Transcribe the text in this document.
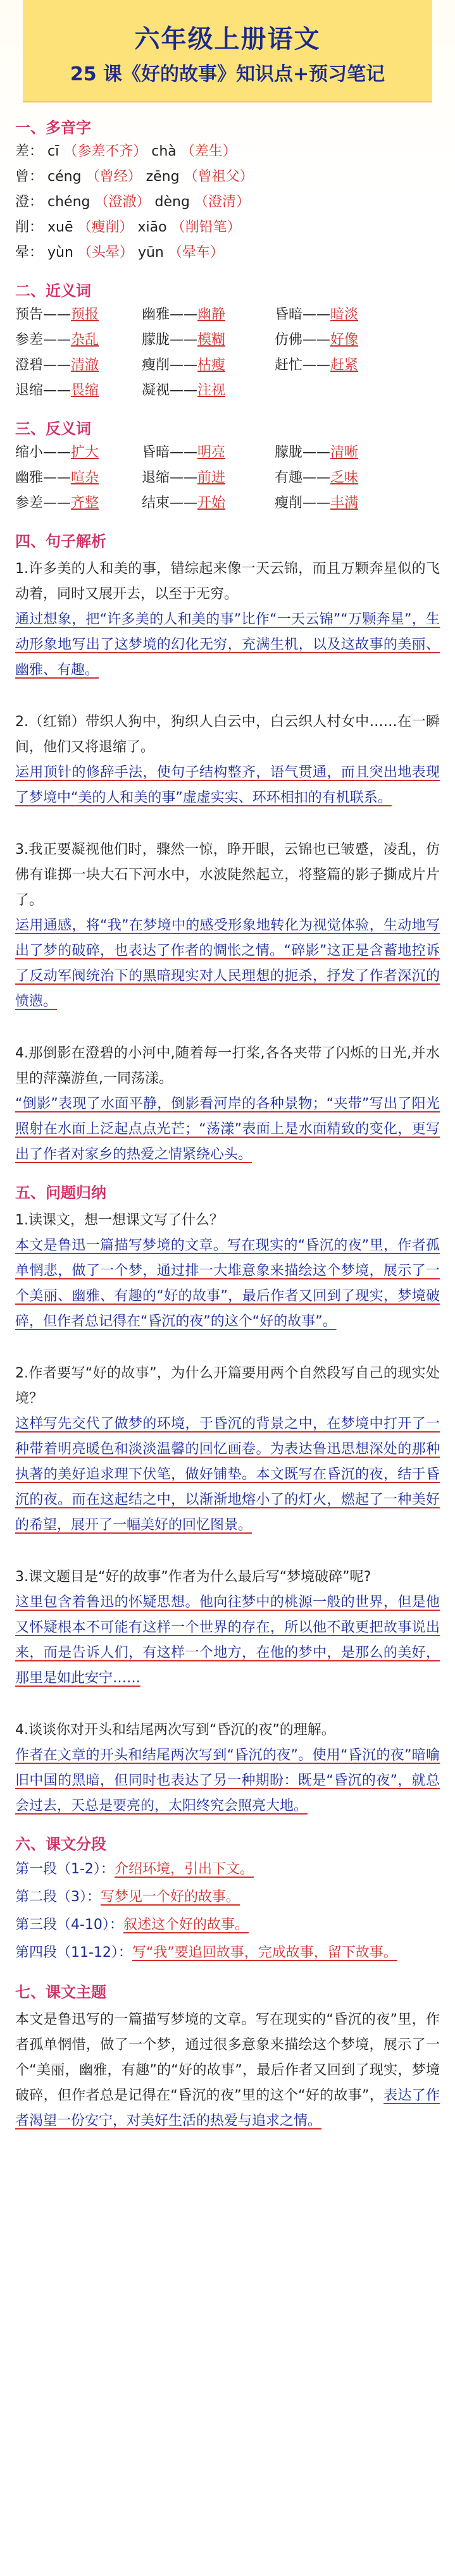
六年级上册语文
25 课《好的故事》知识点+预习笔记
一、多音字
差： cī （参差不齐） chà （差生）
曾： céng （曾经） zēng （曾祖父）
澄： chéng （澄澈） dèng （澄清）
削： xuē （瘦削） xiāo （削铅笔）
晕： yùn （头晕） yūn （晕车）
二、近义词
预告——预报	幽雅——幽静	昏暗——暗淡
参差——杂乱	朦胧——模糊	仿佛——好像
澄碧——清澈	瘦削——枯瘦	赶忙——赶紧
退缩——畏缩	凝视——注视
三、反义词
缩小——扩大	昏暗——明亮	朦胧——清晰
幽雅——喧杂	退缩——前进	有趣——乏味
参差——齐整	结束——开始	瘦削——丰满
四、句子解析
1.许多美的人和美的事，错综起来像一天云锦，而且万颗奔星似的飞动着，同时又展开去，以至于无穷。
通过想象，把“许多美的人和美的事”比作“一天云锦”“万颗奔星”，生动形象地写出了这梦境的幻化无穷，充满生机，以及这故事的美丽、幽雅、有趣。
2.（红锦）带织人狗中，狗织人白云中，白云织人村女中……在一瞬间，他们又将退缩了。
运用顶针的修辞手法，使句子结构整齐，语气贯通，而且突出地表现了梦境中“美的人和美的事”虚虚实实、环环相扣的有机联系。
3.我正要凝视他们时，骤然一惊，睁开眼，云锦也已皱蹙，凌乱，仿佛有谁掷一块大石下河水中，水波陡然起立，将整篇的影子撕成片片了。
运用通感，将“我”在梦境中的感受形象地转化为视觉体验，生动地写出了梦的破碎，也表达了作者的惆怅之情。“碎影”这正是含蓄地控诉了反动军阀统治下的黑暗现实对人民理想的扼杀，抒发了作者深沉的愤懑。
4.那倒影在澄碧的小河中,随着每一打桨,各各夹带了闪烁的日光,并水里的萍藻游鱼,一同荡漾。
“倒影”表现了水面平静，倒影看河岸的各种景物；“夹带”写出了阳光照射在水面上泛起点点光芒；“荡漾”表面上是水面精致的变化，更写出了作者对家乡的热爱之情紧绕心头。
五、问题归纳
1.读课文，想一想课文写了什么？
本文是鲁迅一篇描写梦境的文章。写在现实的“昏沉的夜”里，作者孤单惘悲，做了一个梦，通过排一大堆意象来描绘这个梦境，展示了一个美丽、幽雅、有趣的“好的故事”，最后作者又回到了现实，梦境破碎，但作者总记得在“昏沉的夜”的这个“好的故事”。
2.作者要写“好的故事”，为什么开篇要用两个自然段写自己的现实处境？
这样写先交代了做梦的环境，于昏沉的背景之中，在梦境中打开了一种带着明亮暖色和淡淡温馨的回忆画卷。为表达鲁迅思想深处的那种执著的美好追求理下伏笔，做好铺垫。本文既写在昏沉的夜，结于昏沉的夜。而在这起结之中，以渐渐地熔小了的灯火，燃起了一种美好的希望，展开了一幅美好的回忆图景。
3.课文题目是“好的故事”作者为什么最后写“梦境破碎”呢?
这里包含着鲁迅的怀疑思想。他向往梦中的桃源一般的世界，但是他又怀疑根本不可能有这样一个世界的存在，所以他不敢更把故事说出来，而是告诉人们，有这样一个地方，在他的梦中，是那么的美好，那里是如此安宁……
4.谈谈你对开头和结尾两次写到“昏沉的夜”的理解。
作者在文章的开头和结尾两次写到“昏沉的夜”。使用“昏沉的夜”暗喻旧中国的黑暗，但同时也表达了另一种期盼：既是“昏沉的夜”，就总会过去，天总是要亮的，太阳终究会照亮大地。
六、课文分段
第一段（1-2）：介绍环境，引出下文。
第二段（3）：写梦见一个好的故事。
第三段（4-10）：叙述这个好的故事。
第四段（11-12）：写“我”要追回故事，完成故事，留下故事。
七、课文主题
本文是鲁迅写的一篇描写梦境的文章。写在现实的“昏沉的夜”里，作者孤单惘惜，做了一个梦，通过很多意象来描绘这个梦境，展示了一个“美丽，幽雅，有趣”的“好的故事”，最后作者又回到了现实，梦境破碎，但作者总是记得在“昏沉的夜”里的这个“好的故事”，表达了作者渴望一份安宁，对美好生活的热爱与追求之情。
